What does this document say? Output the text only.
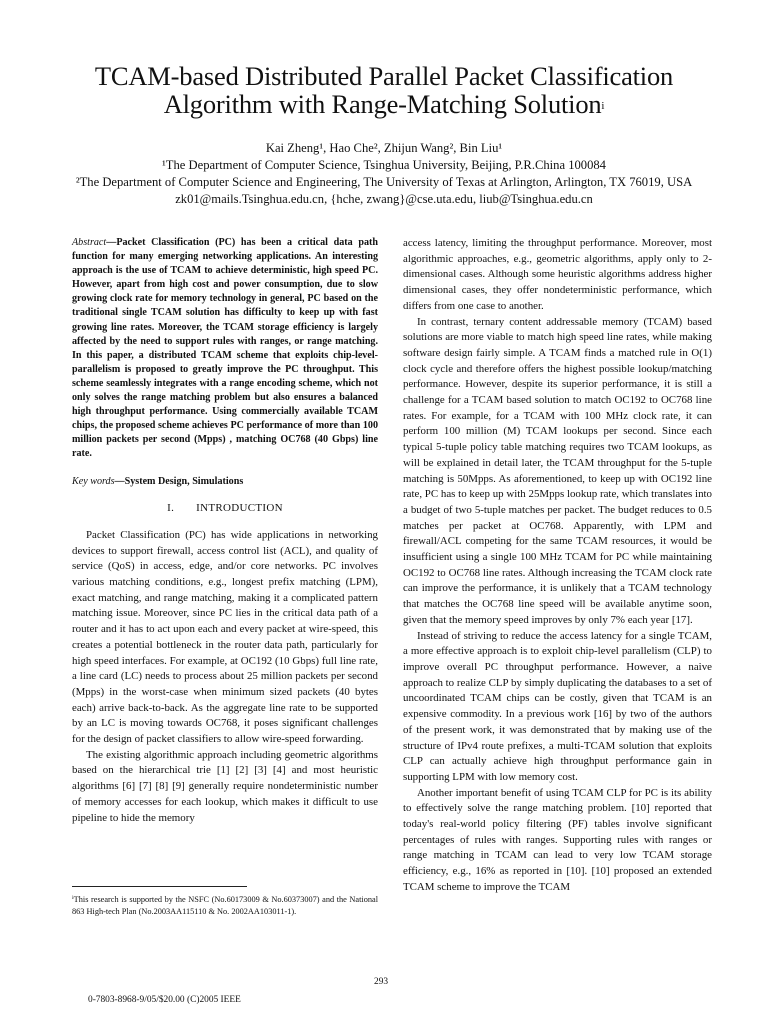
TCAM-based Distributed Parallel Packet Classification
Algorithm with Range-Matching Solution$^i$
Kai Zheng¹, Hao Che², Zhijun Wang², Bin Liu¹
¹The Department of Computer Science, Tsinghua University, Beijing, P.R.China 100084
²The Department of Computer Science and Engineering, The University of Texas at Arlington, Arlington, TX 76019, USA
zk01@mails.Tsinghua.edu.cn, {hche, zwang}@cse.uta.edu, liub@Tsinghua.edu.cn
Abstract—Packet Classification (PC) has been a critical data path function for many emerging networking applications. An interesting approach is the use of TCAM to achieve deterministic, high speed PC. However, apart from high cost and power consumption, due to slow growing clock rate for memory technology in general, PC based on the traditional single TCAM solution has difficulty to keep up with fast growing line rates. Moreover, the TCAM storage efficiency is largely affected by the need to support rules with ranges, or range matching. In this paper, a distributed TCAM scheme that exploits chip-level-parallelism is proposed to greatly improve the PC throughput. This scheme seamlessly integrates with a range encoding scheme, which not only solves the range matching problem but also ensures a balanced high throughput performance. Using commercially available TCAM chips, the proposed scheme achieves PC performance of more than 100 million packets per second (Mpps) , matching OC768 (40 Gbps) line rate.
Key words—System Design, Simulations
I. INTRODUCTION

Packet Classification (PC) has wide applications in networking devices to support firewall, access control list (ACL), and quality of service (QoS) in access, edge, and/or core networks. PC involves various matching conditions, e.g., longest prefix matching (LPM), exact matching, and range matching, making it a complicated pattern matching issue. Moreover, since PC lies in the critical data path of a router and it has to act upon each and every packet at wire-speed, this creates a potential bottleneck in the router data path, particularly for high speed interfaces. For example, at OC192 (10 Gbps) full line rate, a line card (LC) needs to process about 25 million packets per second (Mpps) in the worst-case when minimum sized packets (40 bytes each) arrive back-to-back. As the aggregate line rate to be supported by an LC is moving towards OC768, it poses significant challenges for the design of packet classifiers to allow wire-speed forwarding.

The existing algorithmic approach including geometric algorithms based on the hierarchical trie [1] [2] [3] [4] and most heuristic algorithms [6] [7] [8] [9] generally require nondeterministic number of memory accesses for each lookup, which makes it difficult to use pipeline to hide the memory

access latency, limiting the throughput performance. Moreover, most algorithmic approaches, e.g., geometric algorithms, apply only to 2-dimensional cases. Although some heuristic algorithms address higher dimensional cases, they offer nondeterministic performance, which differs from one case to another.

In contrast, ternary content addressable memory (TCAM) based solutions are more viable to match high speed line rates, while making software design fairly simple. A TCAM finds a matched rule in O(1) clock cycle and therefore offers the highest possible lookup/matching performance. However, despite its superior performance, it is still a challenge for a TCAM based solution to match OC192 to OC768 line rates. For example, for a TCAM with 100 MHz clock rate, it can perform 100 million (M) TCAM lookups per second. Since each typical 5-tuple policy table matching requires two TCAM lookups, as will be explained in detail later, the TCAM throughput for the 5-tuple matching is 50Mpps. As aforementioned, to keep up with OC192 line rate, PC has to keep up with 25Mpps lookup rate, which translates into a budget of two 5-tuple matches per packet. The budget reduces to 0.5 matches per packet at OC768. Apparently, with LPM and firewall/ACL competing for the same TCAM resources, it would be insufficient using a single 100 MHz TCAM for PC while maintaining OC192 to OC768 line rates. Although increasing the TCAM clock rate can improve the performance, it is unlikely that a TCAM technology that matches the OC768 line speed will be available anytime soon, given that the memory speed improves by only 7% each year [17].

Instead of striving to reduce the access latency for a single TCAM, a more effective approach is to exploit chip-level parallelism (CLP) to improve overall PC throughput performance. However, a naive approach to realize CLP by simply duplicating the databases to a set of uncoordinated TCAM chips can be costly, given that TCAM is an expensive commodity. In a previous work [16] by two of the authors of the present work, it was demonstrated that by making use of the structure of IPv4 route prefixes, a multi-TCAM solution that exploits CLP can actually achieve high throughput performance gain in supporting LPM with low memory cost.

Another important benefit of using TCAM CLP for PC is its ability to effectively solve the range matching problem. [10] reported that today's real-world policy filtering (PF) tables involve significant percentages of rules with ranges. Supporting rules with ranges or range matching in TCAM can lead to very low TCAM storage efficiency, e.g., 16% as reported in [10]. [10] proposed an extended TCAM scheme to improve the TCAM

ⁱThis research is supported by the NSFC (No.60173009 & No.60373007) and the National 863 High-tech Plan (No.2003AA115110 & No. 2002AA103011-1).
293
0-7803-8968-9/05/$20.00 (C)2005 IEEE
